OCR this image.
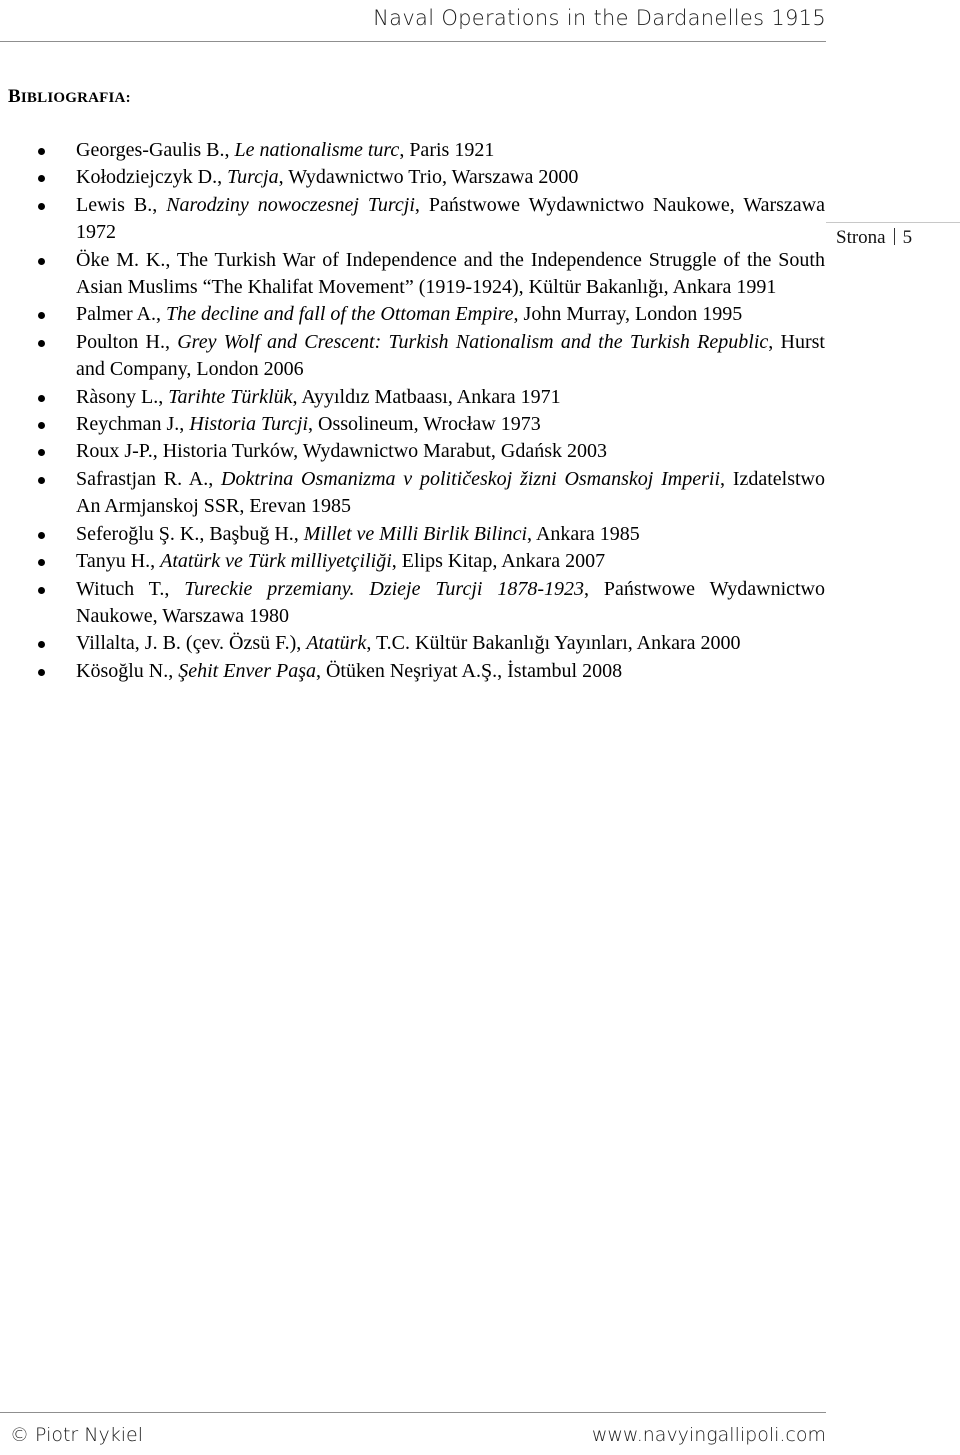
Naval Operations in the Dardanelles 1915
Strona 5
BIBLIOGRAFIA:
Georges-Gaulis B., Le nationalisme turc, Paris 1921
Kołodziejczyk D., Turcja, Wydawnictwo Trio, Warszawa 2000
Lewis B., Narodziny nowoczesnej Turcji, Państwowe Wydawnictwo Naukowe, Warszawa 1972
Öke M. K., The Turkish War of Independence and the Independence Struggle of the South Asian Muslims “The Khalifat Movement” (1919-1924), Kültür Bakanlığı, Ankara 1991
Palmer A., The decline and fall of the Ottoman Empire, John Murray, London 1995
Poulton H., Grey Wolf and Crescent: Turkish Nationalism and the Turkish Republic, Hurst and Company, London 2006
Ràsony L., Tarihte Türklük, Ayyıldız Matbaası, Ankara 1971
Reychman J., Historia Turcji, Ossolineum, Wrocław 1973
Roux J-P., Historia Turków, Wydawnictwo Marabut, Gdańsk 2003
Safrastjan R. A., Doktrina Osmanizma v političeskoj žizni Osmanskoj Imperii, Izdatelstwo An Armjanskoj SSR, Erevan 1985
Seferoğlu Ş. K., Başbuğ H., Millet ve Milli Birlik Bilinci, Ankara 1985
Tanyu H., Atatürk ve Türk milliyetçiliği, Elips Kitap, Ankara 2007
Wituch T., Tureckie przemiany. Dzieje Turcji 1878-1923, Państwowe Wydawnictwo Naukowe, Warszawa 1980
Villalta, J. B. (çev. Özsü F.), Atatürk, T.C. Kültür Bakanlığı Yayınları, Ankara 2000
Kösoğlu N., Şehit Enver Paşa, Ötüken Neşriyat A.Ş., İstambul 2008
© Piotr Nykiel	www.navyingallipoli.com
